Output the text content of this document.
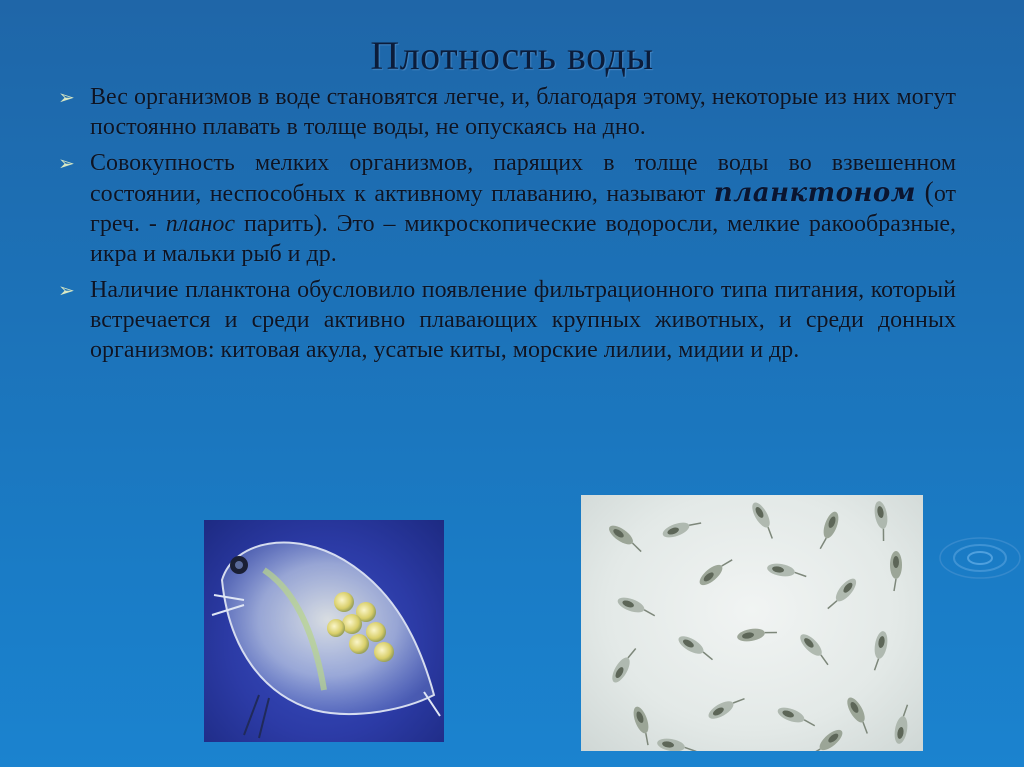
Плотность воды
➢ Вес организмов в воде становятся легче, и, благодаря этому, некоторые из них могут постоянно плавать в толще воды, не опускаясь на дно.
➢ Совокупность мелких организмов, парящих в толще воды во взвешенном состоянии, неспособных к активному плаванию, называют планктоном (от греч. - планос парить). Это – микроскопические водоросли, мелкие ракообразные, икра и мальки рыб и др.
➢ Наличие планктона обусловило появление фильтрационного типа питания, который встречается и среди активно плавающих крупных животных, и среди донных организмов: китовая акула, усатые киты, морские лилии, мидии и др.
